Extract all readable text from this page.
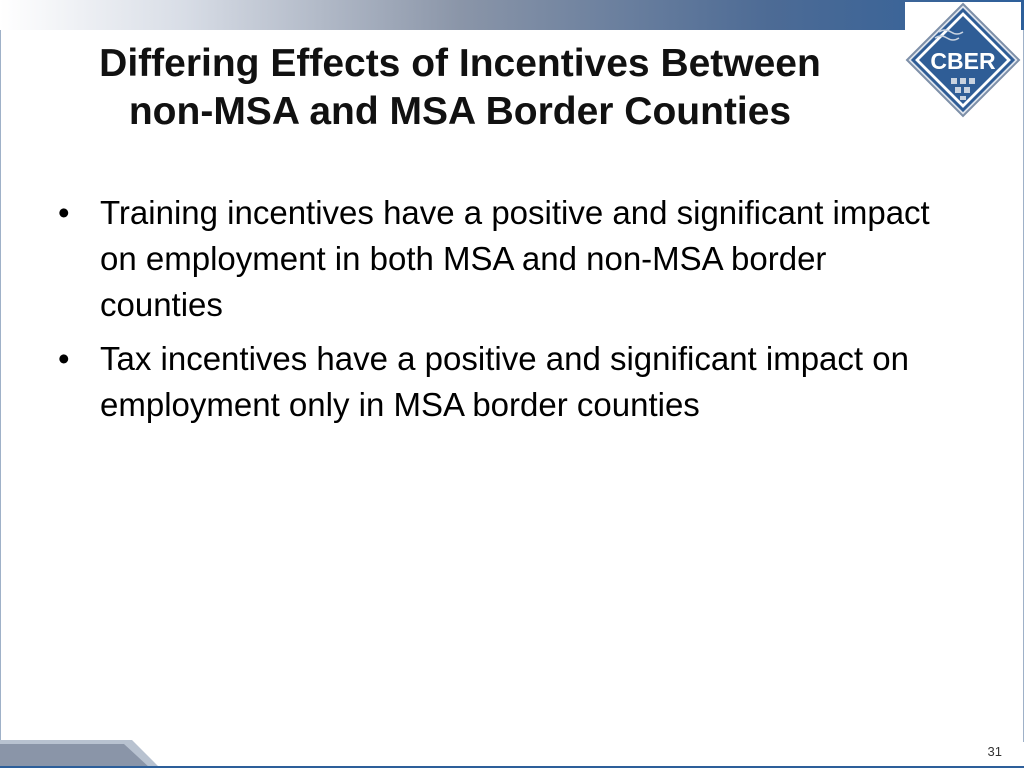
CBER
Differing Effects of Incentives Between
non-MSA and MSA Border Counties
• Training incentives have a positive and significant impact on employment in both MSA and non-MSA border counties
• Tax incentives have a positive and significant impact on employment only in MSA border counties
31
